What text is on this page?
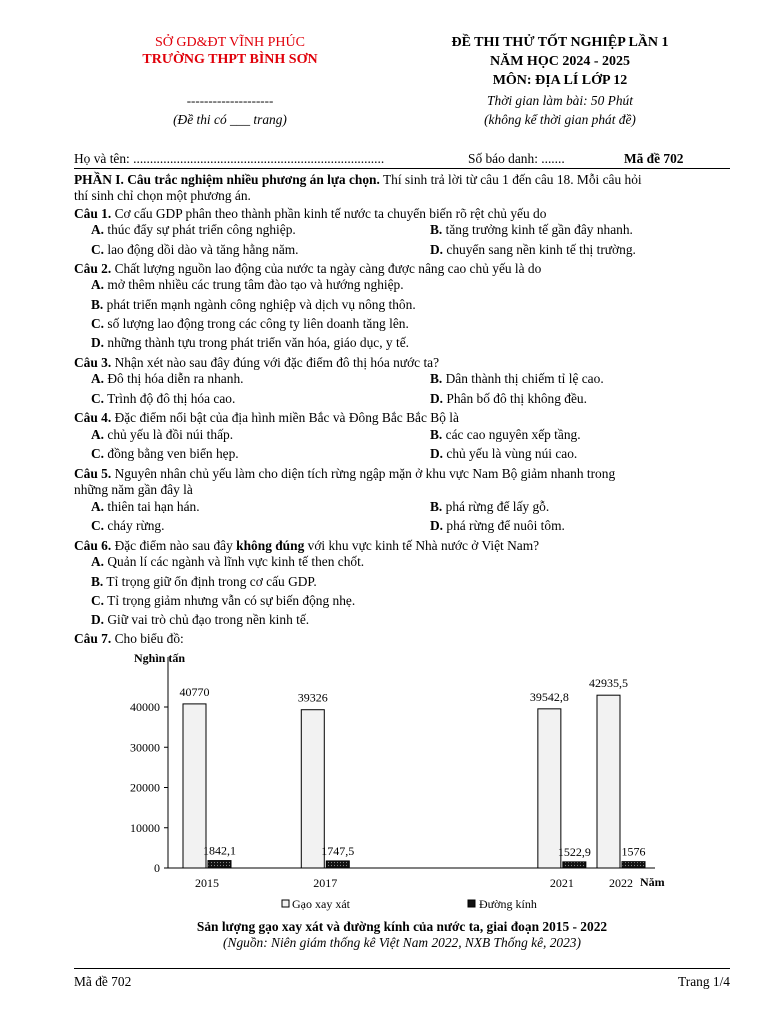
SỞ GD&ĐT VĨNH PHÚC
TRƯỜNG THPT BÌNH SƠN
--------------------
(Đề thi có ___ trang)
ĐỀ THI THỬ TỐT NGHIỆP LẦN 1
NĂM HỌC 2024 - 2025
MÔN: ĐỊA LÍ LỚP 12
Thời gian làm bài: 50 Phút
(không kể thời gian phát đề)
Họ và tên: ...........................................................................	Số báo danh: .......	Mã đề 702
PHẦN I. Câu trắc nghiệm nhiều phương án lựa chọn. Thí sinh trả lời từ câu 1 đến câu 18. Mỗi câu hỏi
thí sinh chỉ chọn một phương án.
Câu 1. Cơ cấu GDP phân theo thành phần kinh tế nước ta chuyển biến rõ rệt chủ yếu do
A. thúc đẩy sự phát triển công nghiệp.	B. tăng trưởng kinh tế gần đây nhanh.
C. lao động dồi dào và tăng hằng năm.	D. chuyển sang nền kinh tế thị trường.
Câu 2. Chất lượng nguồn lao động của nước ta ngày càng được nâng cao chủ yếu là do
A. mở thêm nhiều các trung tâm đào tạo và hướng nghiệp.
B. phát triển mạnh ngành công nghiệp và dịch vụ nông thôn.
C. số lượng lao động trong các công ty liên doanh tăng lên.
D. những thành tựu trong phát triển văn hóa, giáo dục, y tế.
Câu 3. Nhận xét nào sau đây đúng với đặc điểm đô thị hóa nước ta?
A. Đô thị hóa diễn ra nhanh.	B. Dân thành thị chiếm tỉ lệ cao.
C. Trình độ đô thị hóa cao.	D. Phân bố đô thị không đều.
Câu 4. Đặc điểm nổi bật của địa hình miền Bắc và Đông Bắc Bắc Bộ là
A. chủ yếu là đồi núi thấp.	B. các cao nguyên xếp tầng.
C. đồng bằng ven biển hẹp.	D. chủ yếu là vùng núi cao.
Câu 5. Nguyên nhân chủ yếu làm cho diện tích rừng ngập mặn ở khu vực Nam Bộ giảm nhanh trong
những năm gần đây là
A. thiên tai hạn hán.	B. phá rừng để lấy gỗ.
C. cháy rừng.	D. phá rừng để nuôi tôm.
Câu 6. Đặc điểm nào sau đây không đúng với khu vực kinh tế Nhà nước ở Việt Nam?
A. Quản lí các ngành và lĩnh vực kinh tế then chốt.
B. Tỉ trọng giữ ổn định trong cơ cấu GDP.
C. Tỉ trọng giảm nhưng vẫn có sự biến động nhẹ.
D. Giữ vai trò chủ đạo trong nền kinh tế.
Câu 7. Cho biểu đồ:
Nghìn tấn
Năm
0
10000
20000
30000
40000
2015	2017	2021	2022
40770
1842,1
39326
1747,5
39542,8
1522,9
42935,5
1576
Gạo xay xát	Đường kính
Sản lượng gạo xay xát và đường kính của nước ta, giai đoạn 2015 - 2022
(Nguồn: Niên giám thống kê Việt Nam 2022, NXB Thống kê, 2023)
Mã đề 702	Trang 1/4
